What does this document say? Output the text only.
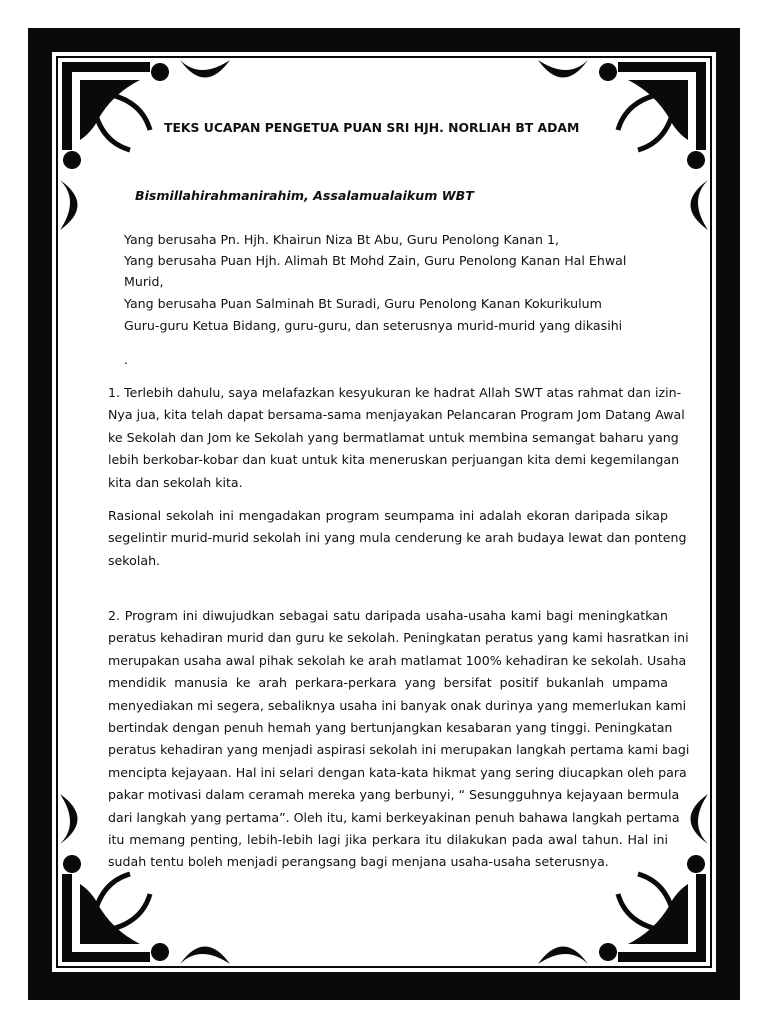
TEKS UCAPAN PENGETUA PUAN SRI HJH. NORLIAH BT ADAM
Bismillahirahmanirahim, Assalamualaikum WBT
Yang berusaha Pn. Hjh. Khairun Niza Bt Abu, Guru Penolong Kanan 1,
Yang berusaha Puan Hjh. Alimah Bt Mohd Zain, Guru Penolong Kanan Hal Ehwal
Murid,
Yang berusaha Puan Salminah Bt Suradi, Guru Penolong Kanan Kokurikulum
Guru-guru Ketua Bidang, guru-guru, dan seterusnya murid-murid yang dikasihi
.
1. Terlebih dahulu, saya melafazkan kesyukuran ke hadrat Allah SWT atas rahmat dan izin-
Nya jua, kita telah dapat bersama-sama menjayakan Pelancaran Program Jom Datang Awal
ke Sekolah dan Jom ke Sekolah yang bermatlamat untuk membina semangat baharu yang
lebih berkobar-kobar dan kuat untuk kita meneruskan perjuangan kita demi kegemilangan
kita dan sekolah kita.
Rasional sekolah ini mengadakan program seumpama ini adalah ekoran daripada sikap
segelintir murid-murid sekolah ini yang mula cenderung ke arah budaya lewat dan ponteng
sekolah.
2. Program ini diwujudkan sebagai satu daripada usaha-usaha kami bagi meningkatkan
peratus kehadiran murid dan guru ke sekolah. Peningkatan peratus yang kami hasratkan ini
merupakan usaha awal pihak sekolah ke arah matlamat 100% kehadiran ke sekolah. Usaha
mendidik manusia ke arah perkara-perkara yang bersifat positif bukanlah umpama
menyediakan mi segera, sebaliknya usaha ini banyak onak durinya yang memerlukan kami
bertindak dengan penuh hemah yang bertunjangkan kesabaran yang tinggi. Peningkatan
peratus kehadiran yang menjadi aspirasi sekolah ini merupakan langkah pertama kami bagi
mencipta kejayaan. Hal ini selari dengan kata-kata hikmat yang sering diucapkan oleh para
pakar motivasi dalam ceramah mereka yang berbunyi, “ Sesungguhnya kejayaan bermula
dari langkah yang pertama”. Oleh itu, kami berkeyakinan penuh bahawa langkah pertama
itu memang penting, lebih-lebih lagi jika perkara itu dilakukan pada awal tahun. Hal ini
sudah tentu boleh menjadi perangsang bagi menjana usaha-usaha seterusnya.
